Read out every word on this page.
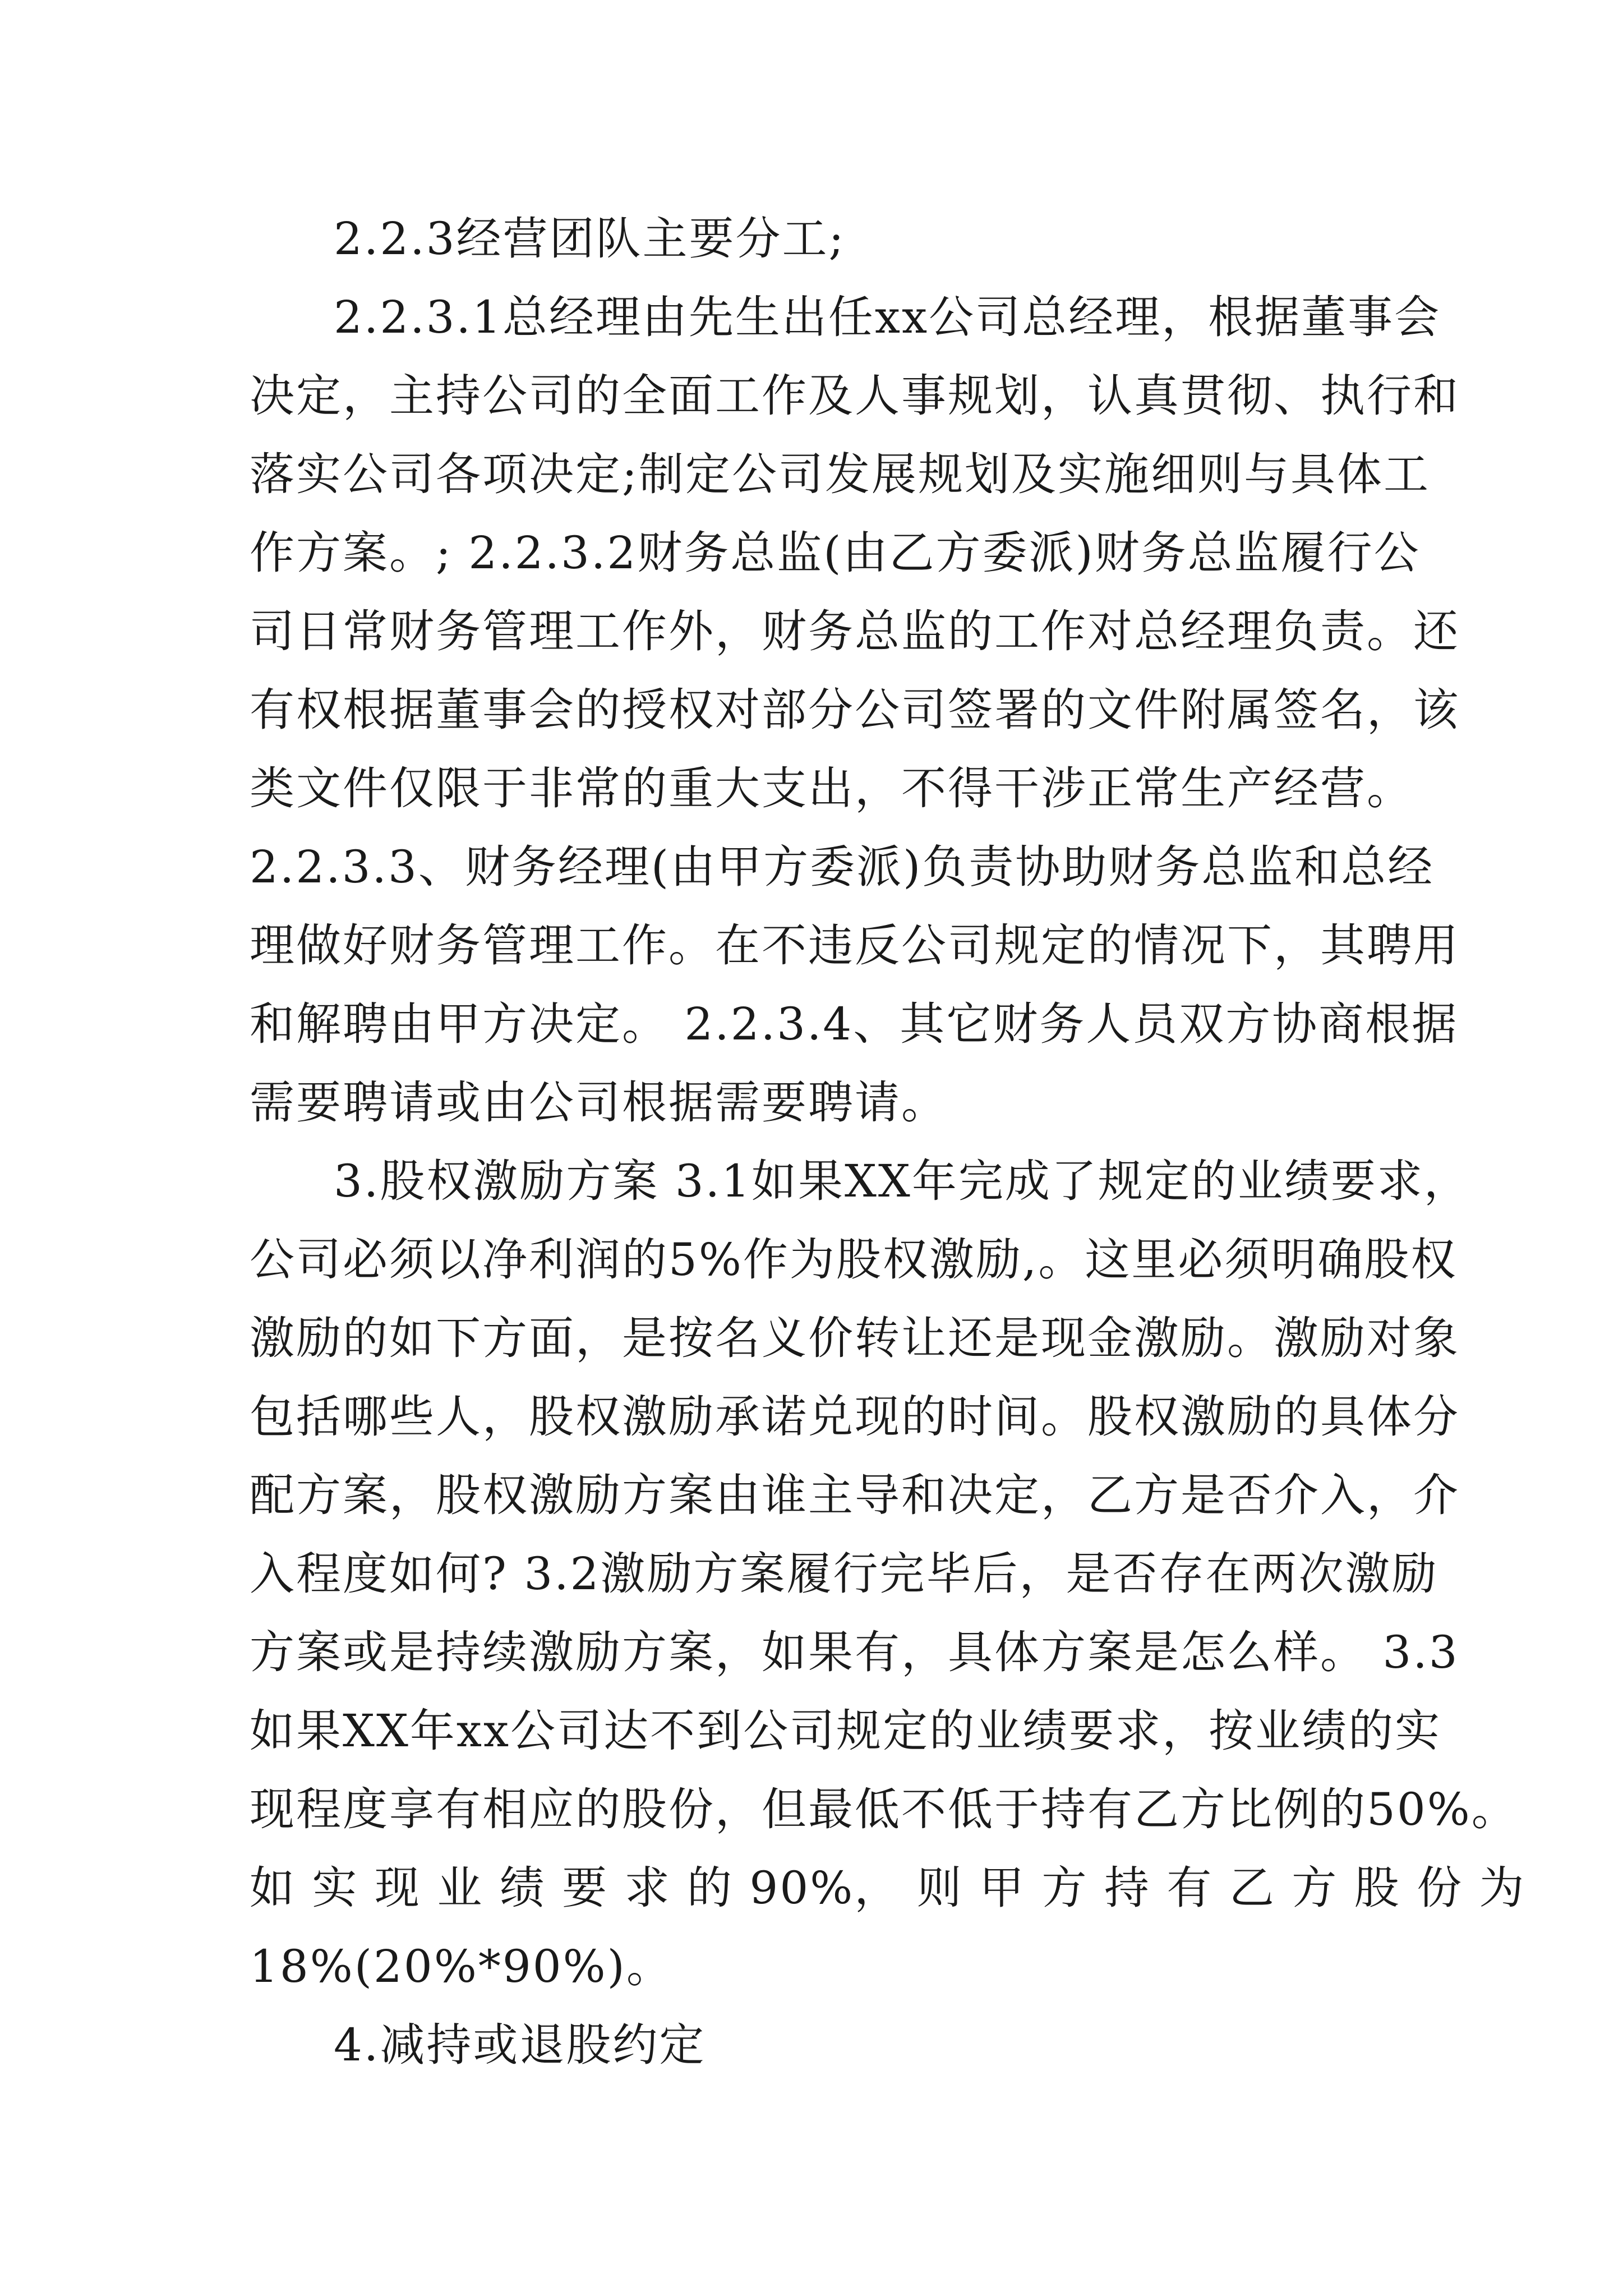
2.2.3经营团队主要分工;
2.2.3.1总经理由先生出任xx公司总经理，根据董事会
决定，主持公司的全面工作及人事规划，认真贯彻、执行和
落实公司各项决定;制定公司发展规划及实施细则与具体工
作方案。; 2.2.3.2财务总监(由乙方委派)财务总监履行公
司日常财务管理工作外，财务总监的工作对总经理负责。还
有权根据董事会的授权对部分公司签署的文件附属签名，该
类文件仅限于非常的重大支出，不得干涉正常生产经营。
2.2.3.3、财务经理(由甲方委派)负责协助财务总监和总经
理做好财务管理工作。在不违反公司规定的情况下，其聘用
和解聘由甲方决定。 2.2.3.4、其它财务人员双方协商根据
需要聘请或由公司根据需要聘请。
3.股权激励方案 3.1如果XX年完成了规定的业绩要求，
公司必须以净利润的5%作为股权激励,。这里必须明确股权
激励的如下方面，是按名义价转让还是现金激励。激励对象
包括哪些人，股权激励承诺兑现的时间。股权激励的具体分
配方案，股权激励方案由谁主导和决定，乙方是否介入，介
入程度如何? 3.2激励方案履行完毕后，是否存在两次激励
方案或是持续激励方案，如果有，具体方案是怎么样。 3.3
如果XX年xx公司达不到公司规定的业绩要求，按业绩的实
现程度享有相应的股份，但最低不低于持有乙方比例的50%。
如 实 现 业 绩 要 求 的 90%， 则 甲 方 持 有 乙 方 股 份 为
18%(20%*90%)。
4.减持或退股约定
